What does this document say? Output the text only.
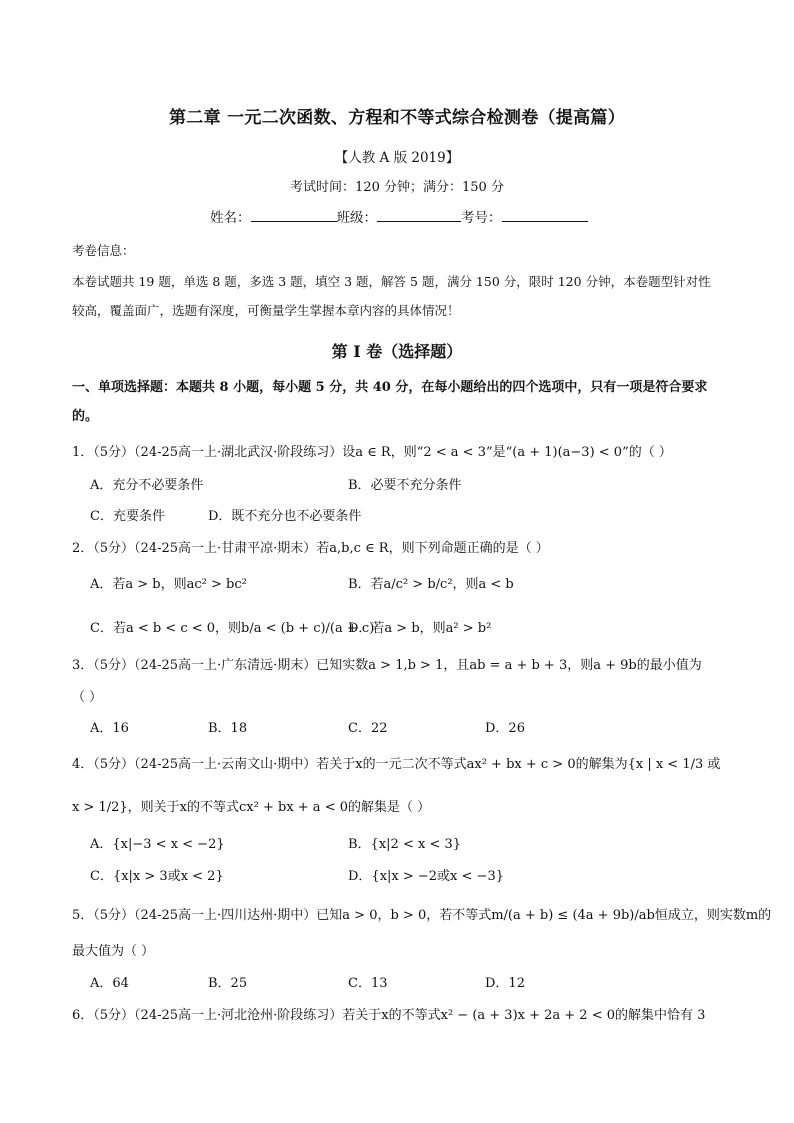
第二章 一元二次函数、方程和不等式综合检测卷（提高篇）
【人教 A 版 2019】
考试时间：120 分钟；满分：150 分
姓名：	班级：	考号：
考卷信息：
本卷试题共 19 题，单选 8 题，多选 3 题，填空 3 题，解答 5 题，满分 150 分，限时 120 分钟，本卷题型针对性较高，覆盖面广，选题有深度，可衡量学生掌握本章内容的具体情况！
第 I 卷（选择题）
一、单项选择题：本题共 8 小题，每小题 5 分，共 40 分，在每小题给出的四个选项中，只有一项是符合要求的。
1．（5分）（24-25高一上·湖北武汉·阶段练习）设a ∈ R，则“2 < a < 3”是“(a + 1)(a−3) < 0”的（ ）
A．充分不必要条件	B．必要不充分条件
C．充要条件	D．既不充分也不必要条件
2．（5分）（24-25高一上·甘肃平凉·期末）若a,b,c ∈ R，则下列命题正确的是（ ）
A．若a > b，则ac² > bc²	B．若a/c² > b/c²，则a < b
C．若a < b < c < 0，则b/a < (b + c)/(a + c)
D．若a > b，则a² > b²
3．（5分）（24-25高一上·广东清远·期末）已知实数a > 1,b > 1，且ab = a + b + 3，则a + 9b的最小值为
（ ）
A．16	B．18	C．22	D．26
4．（5分）（24-25高一上·云南文山·期中）若关于x的一元二次不等式ax² + bx + c > 0的解集为{x | x < 1/3 或
x > 1/2}，则关于x的不等式cx² + bx + a < 0的解集是（ ）
A．{x|−3 < x < −2}	B．{x|2 < x < 3}
C．{x|x > 3或x < 2}	D．{x|x > −2或x < −3}
5．（5分）（24-25高一上·四川达州·期中）已知a > 0，b > 0，若不等式m/(a + b) ≤ (4a + 9b)/ab恒成立，则实数m的
最大值为（ ）
A．64	B．25	C．13	D．12
6．（5分）（24-25高一上·河北沧州·阶段练习）若关于x的不等式x² − (a + 3)x + 2a + 2 < 0的解集中恰有 3
